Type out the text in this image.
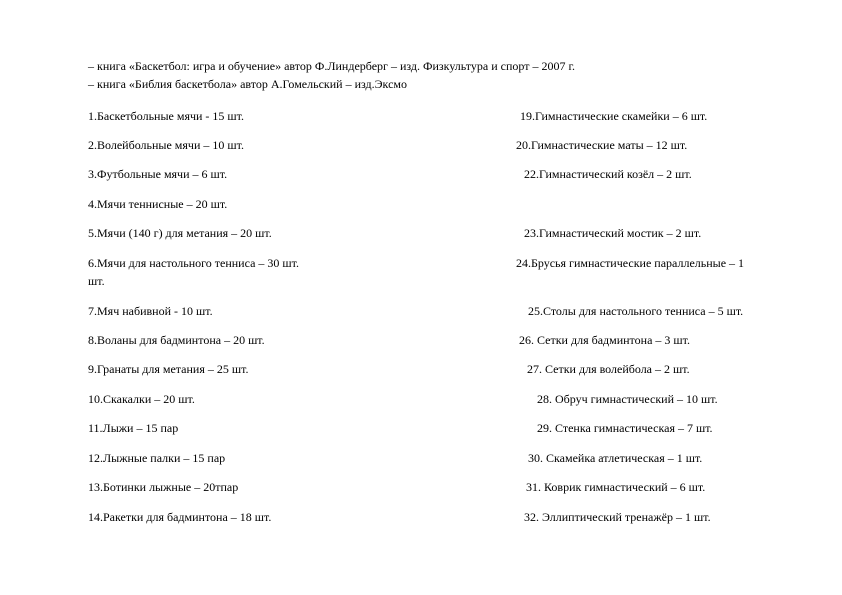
– книга «Баскетбол: игра и обучение» автор Ф.Линдерберг – изд. Физкультура и спорт – 2007 г.
– книга «Библия баскетбола» автор А.Гомельский – изд.Эксмо
1.Баскетбольные мячи - 15 шт.
2.Волейбольные мячи – 10 шт.
3.Футбольные мячи – 6 шт.
4.Мячи теннисные – 20 шт.
5.Мячи (140 г) для метания – 20 шт.
6.Мячи для настольного тенниса – 30 шт.
7.Мяч набивной - 10 шт.
8.Воланы для бадминтона – 20 шт.
9.Гранаты для метания – 25 шт.
10.Скакалки – 20 шт.
11.Лыжи – 15 пар
12.Лыжные палки – 15 пар
13.Ботинки лыжные – 20тпар
14.Ракетки для бадминтона – 18 шт.
19.Гимнастические скамейки – 6 шт.
20.Гимнастические маты – 12 шт.
22.Гимнастический козёл – 2 шт.
23.Гимнастический мостик – 2 шт.
24.Брусья гимнастические параллельные – 1
шт.
25.Столы для настольного тенниса – 5 шт.
26. Сетки для бадминтона – 3 шт.
27. Сетки для волейбола – 2 шт.
28. Обруч гимнастический – 10 шт.
29. Стенка гимнастическая – 7 шт.
30. Скамейка атлетическая – 1 шт.
31. Коврик гимнастический – 6 шт.
32. Эллиптический тренажёр – 1 шт.
